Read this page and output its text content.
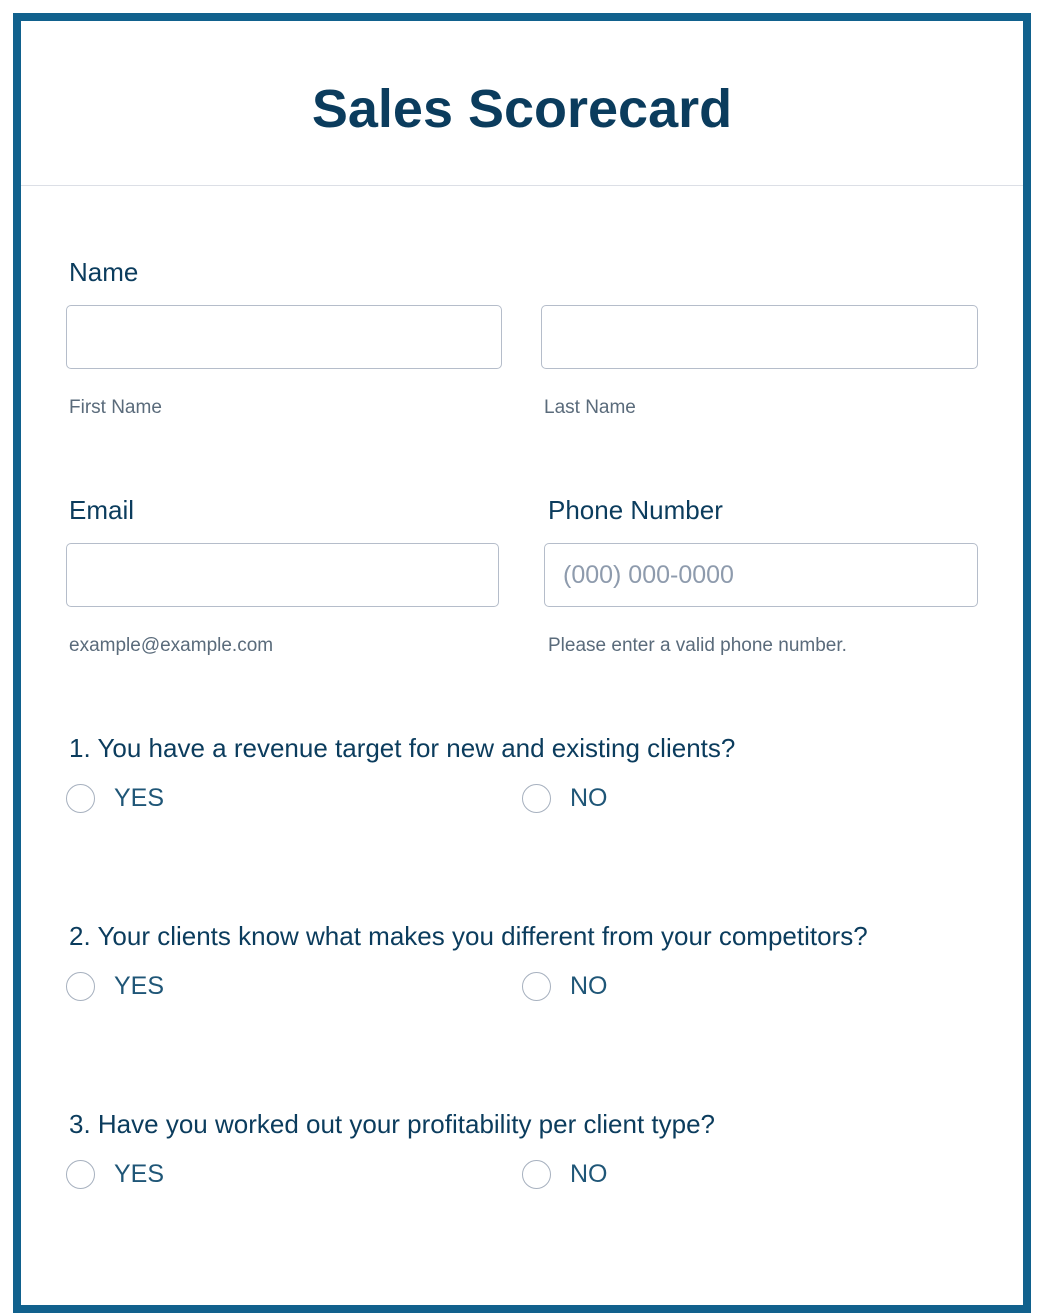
Sales Scorecard
Name
First Name	Last Name
Email	Phone Number
(000) 000-0000
example@example.com	Please enter a valid phone number.
1. You have a revenue target for new and existing clients?
YES	NO
2. Your clients know what makes you different from your competitors?
YES	NO
3. Have you worked out your profitability per client type?
YES	NO
